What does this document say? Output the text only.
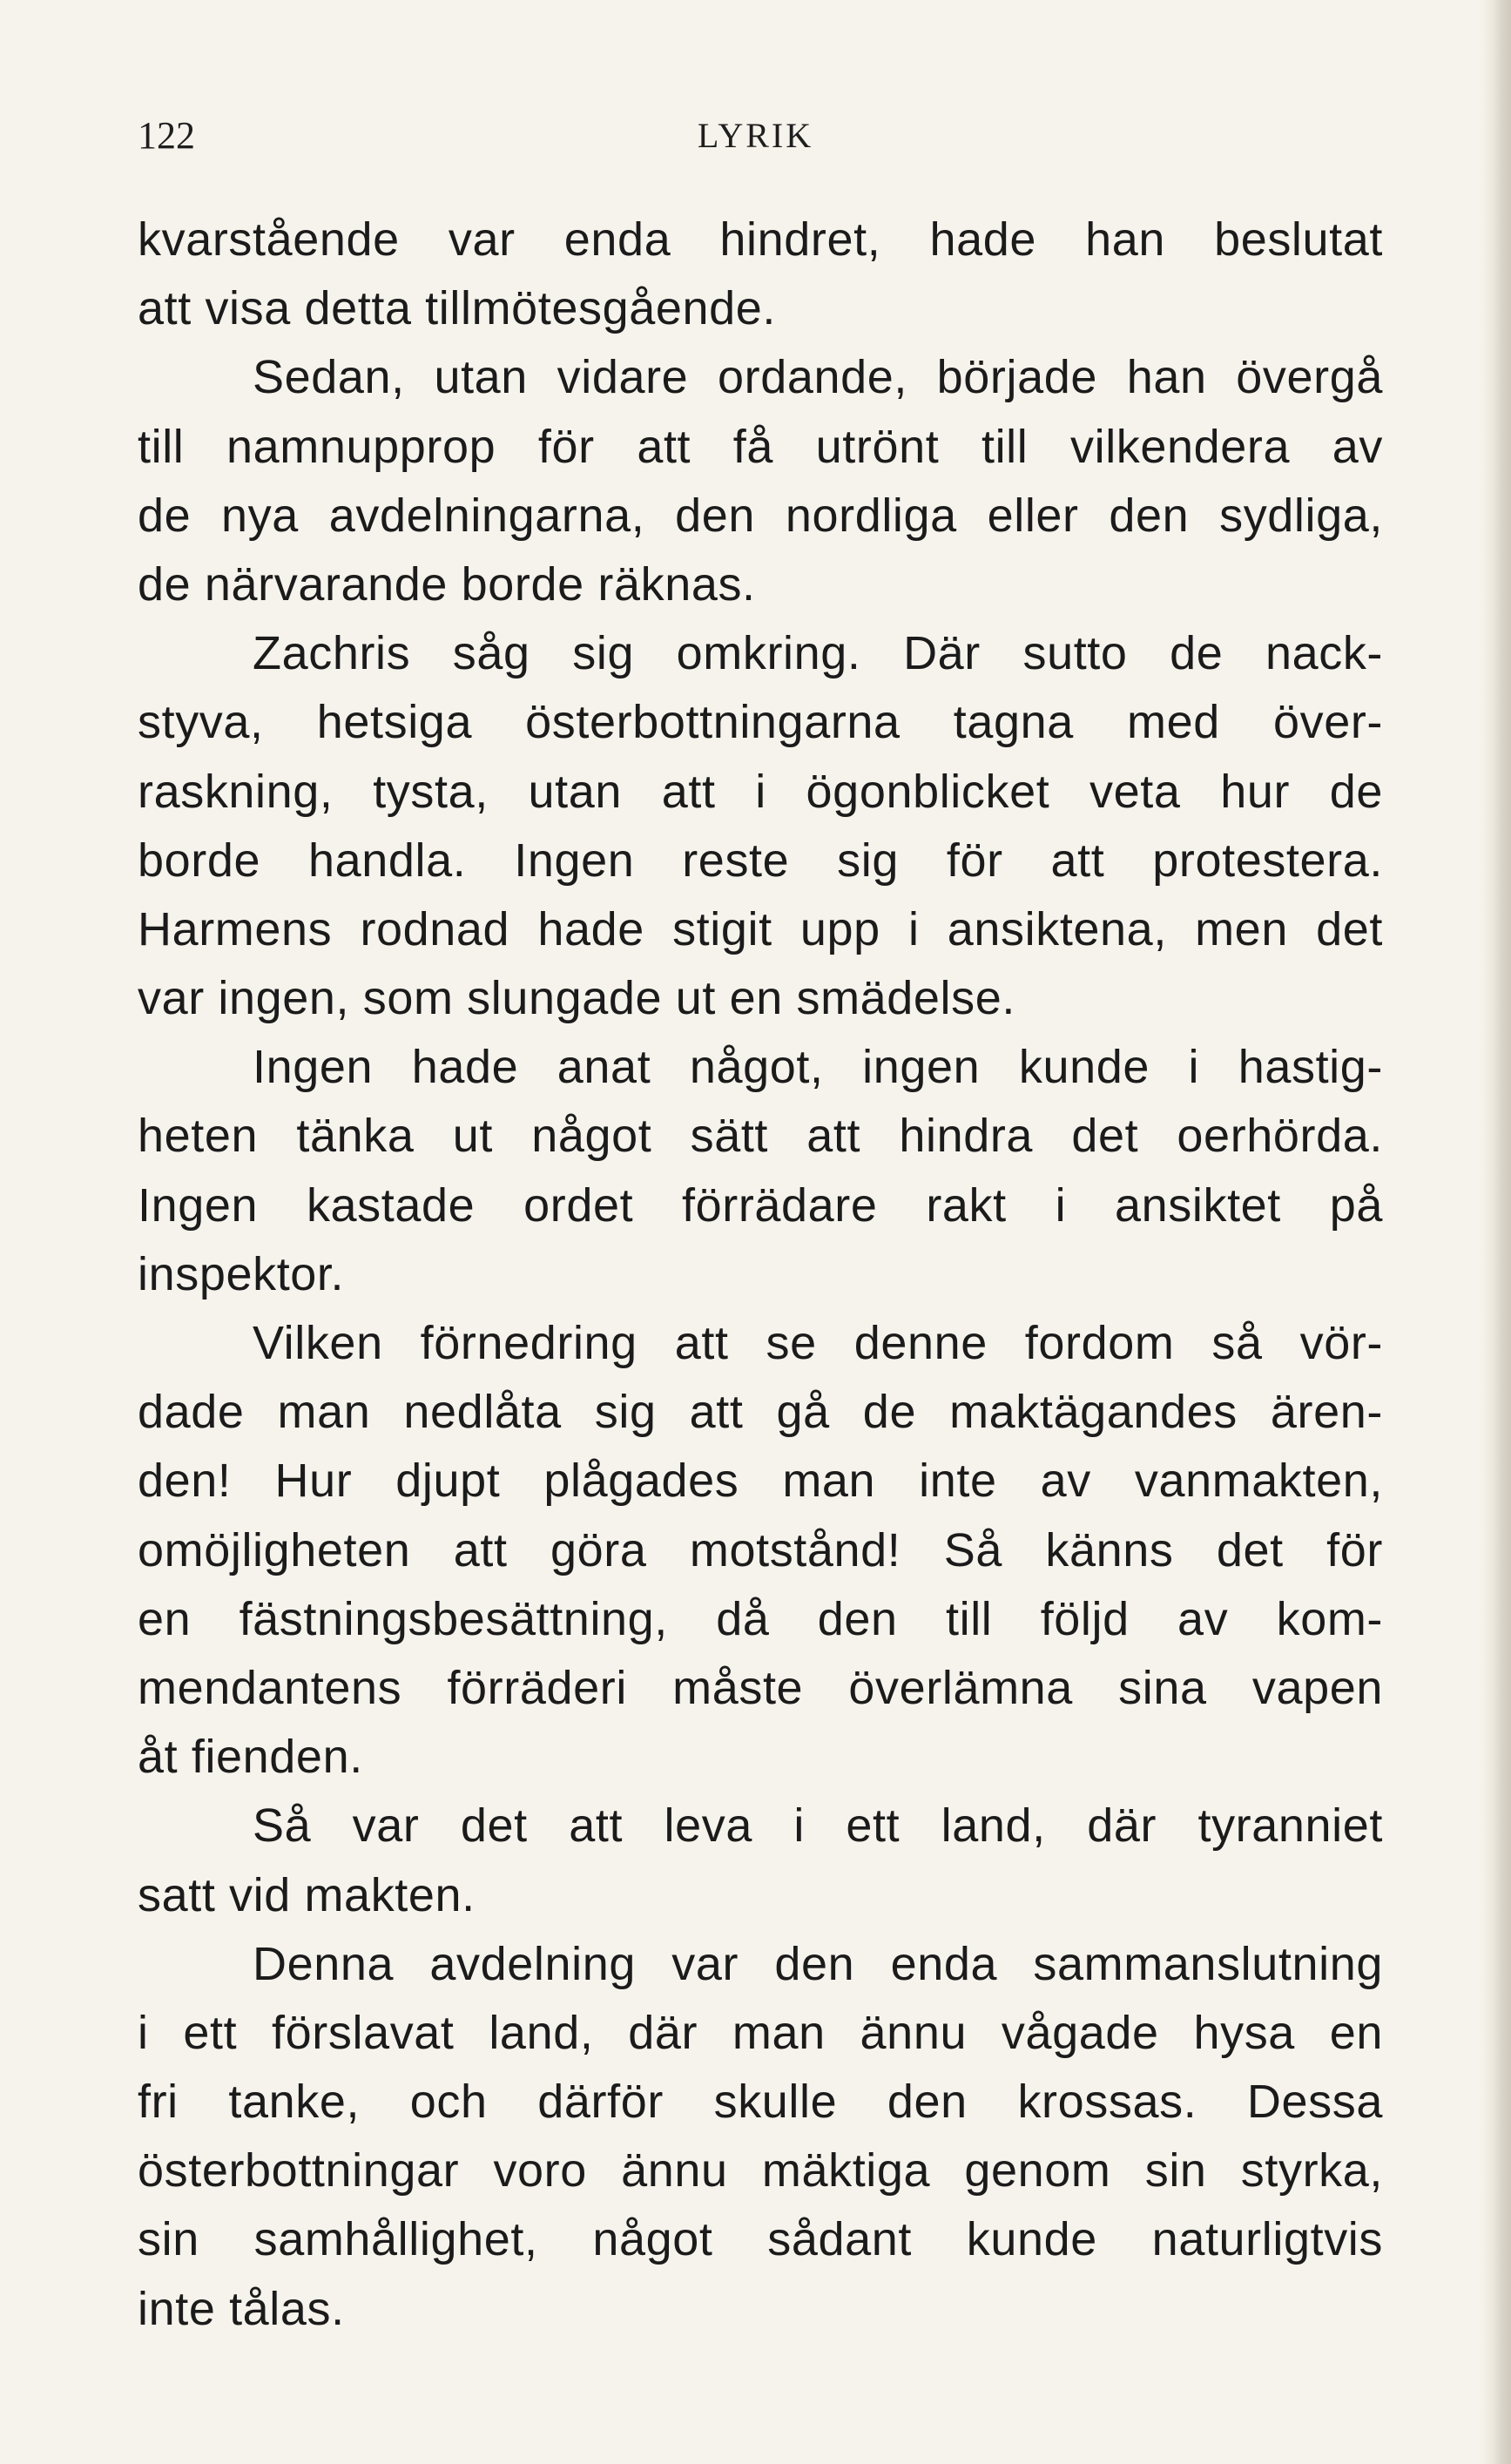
122	LYRIK

kvarstående var enda hindret, hade han beslutat
att visa detta tillmötesgående.

Sedan, utan vidare ordande, började han övergå
till namnupprop för att få utrönt till vilkendera av
de nya avdelningarna, den nordliga eller den sydliga,
de närvarande borde räknas.

Zachris såg sig omkring. Där sutto de nack-
styva, hetsiga österbottningarna tagna med över-
raskning, tysta, utan att i ögonblicket veta hur de
borde handla. Ingen reste sig för att protestera.
Harmens rodnad hade stigit upp i ansiktena, men det
var ingen, som slungade ut en smädelse.

Ingen hade anat något, ingen kunde i hastig-
heten tänka ut något sätt att hindra det oerhörda.
Ingen kastade ordet förrädare rakt i ansiktet på
inspektor.

Vilken förnedring att se denne fordom så vör-
dade man nedlåta sig att gå de maktägandes ären-
den! Hur djupt plågades man inte av vanmakten,
omöjligheten att göra motstånd! Så känns det för
en fästningsbesättning, då den till följd av kom-
mendantens förräderi måste överlämna sina vapen
åt fienden.

Så var det att leva i ett land, där tyranniet
satt vid makten.

Denna avdelning var den enda sammanslutning
i ett förslavat land, där man ännu vågade hysa en
fri tanke, och därför skulle den krossas. Dessa
österbottningar voro ännu mäktiga genom sin styrka,
sin samhållighet, något sådant kunde naturligtvis
inte tålas.
